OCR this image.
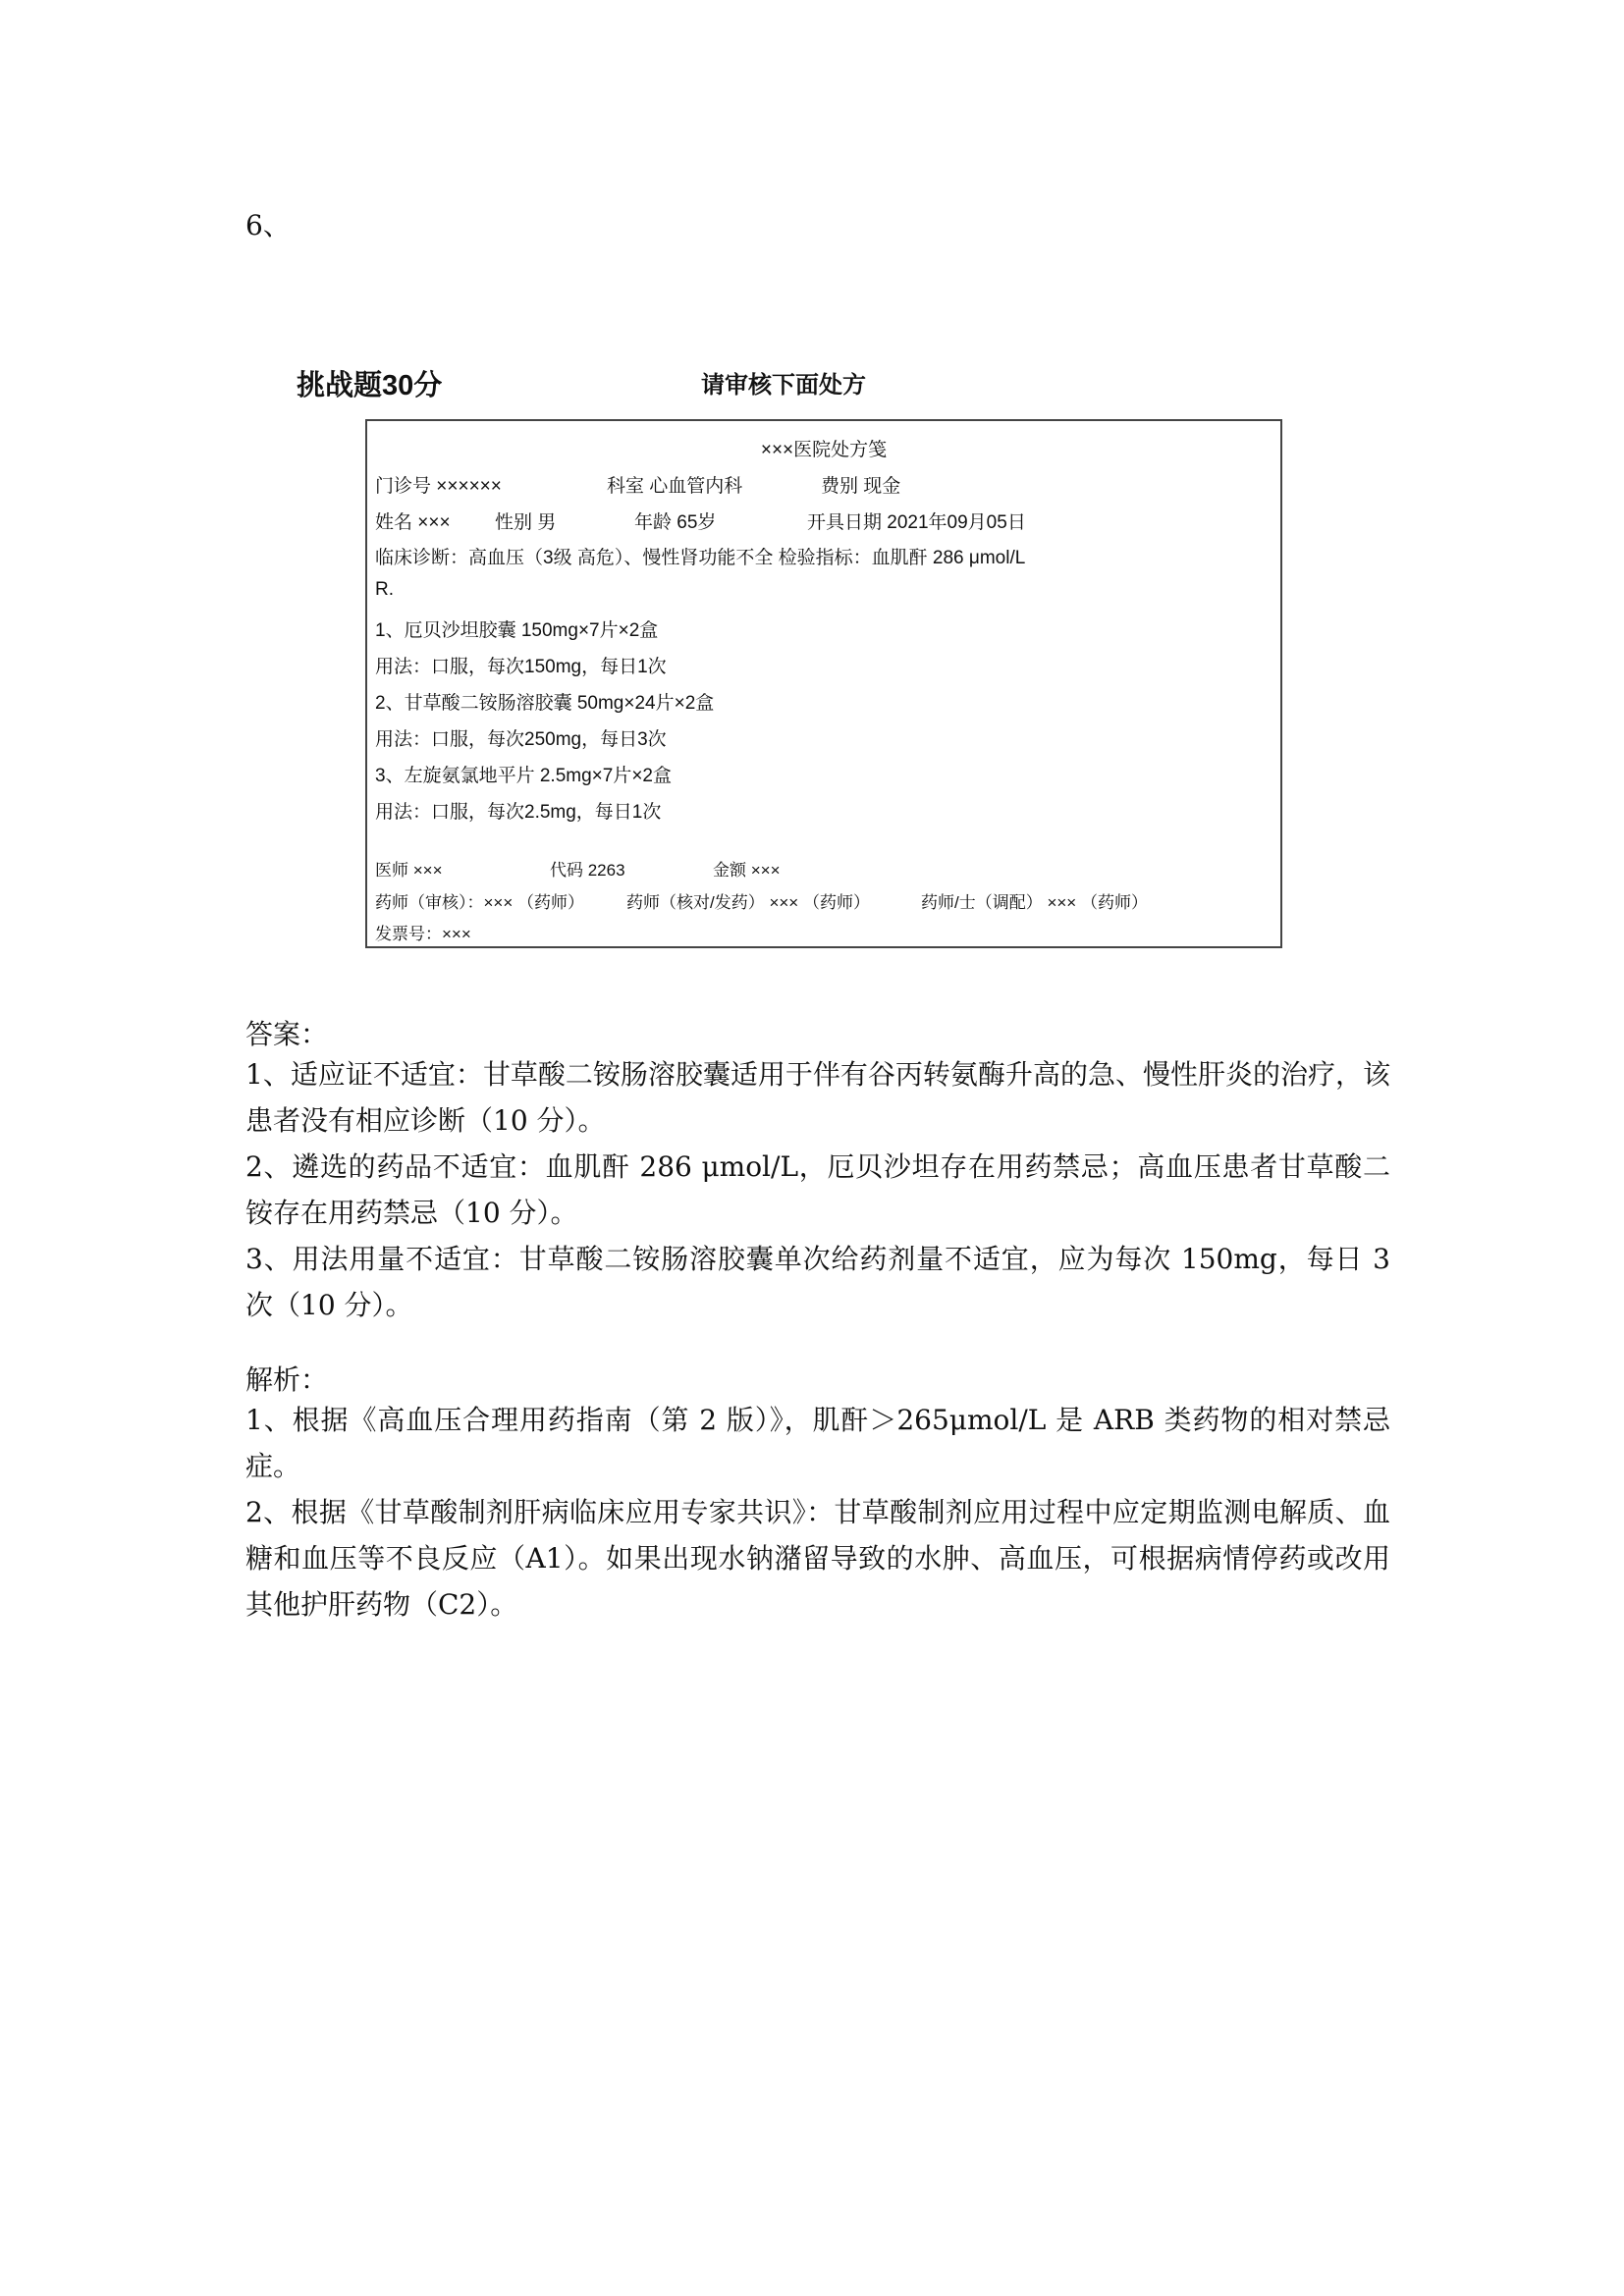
6、
挑战题30分	请审核下面处方
×××医院处方笺
门诊号 ××××××	科室 心血管内科	费别 现金
姓名 ××× 性别 男	年龄 65岁	开具日期 2021年09月05日
临床诊断：高血压（3级 高危）、慢性肾功能不全 检验指标：血肌酐 286 μmol/L
R.
1、厄贝沙坦胶囊 150mg×7片×2盒
用法：口服，每次150mg，每日1次
2、甘草酸二铵肠溶胶囊 50mg×24片×2盒
用法：口服，每次250mg，每日3次
3、左旋氨氯地平片 2.5mg×7片×2盒
用法：口服，每次2.5mg，每日1次
医师 ×××	代码 2263	金额 ×××
药师（审核）：××× （药师）	药师（核对/发药） ××× （药师）	药师/士（调配） ××× （药师）
发票号：×××
答案：
1、适应证不适宜：甘草酸二铵肠溶胶囊适用于伴有谷丙转氨酶升高的急、慢性肝炎的治疗，该患者没有相应诊断（10 分）。
2、遴选的药品不适宜：血肌酐 286 μmol/L，厄贝沙坦存在用药禁忌；高血压患者甘草酸二铵存在用药禁忌（10 分）。
3、用法用量不适宜：甘草酸二铵肠溶胶囊单次给药剂量不适宜，应为每次 150mg，每日 3 次（10 分）。
解析：
1、根据《高血压合理用药指南（第 2 版）》，肌酐＞265μmol/L 是 ARB 类药物的相对禁忌症。
2、根据《甘草酸制剂肝病临床应用专家共识》：甘草酸制剂应用过程中应定期监测电解质、血糖和血压等不良反应（A1）。如果出现水钠潴留导致的水肿、高血压，可根据病情停药或改用其他护肝药物（C2）。
